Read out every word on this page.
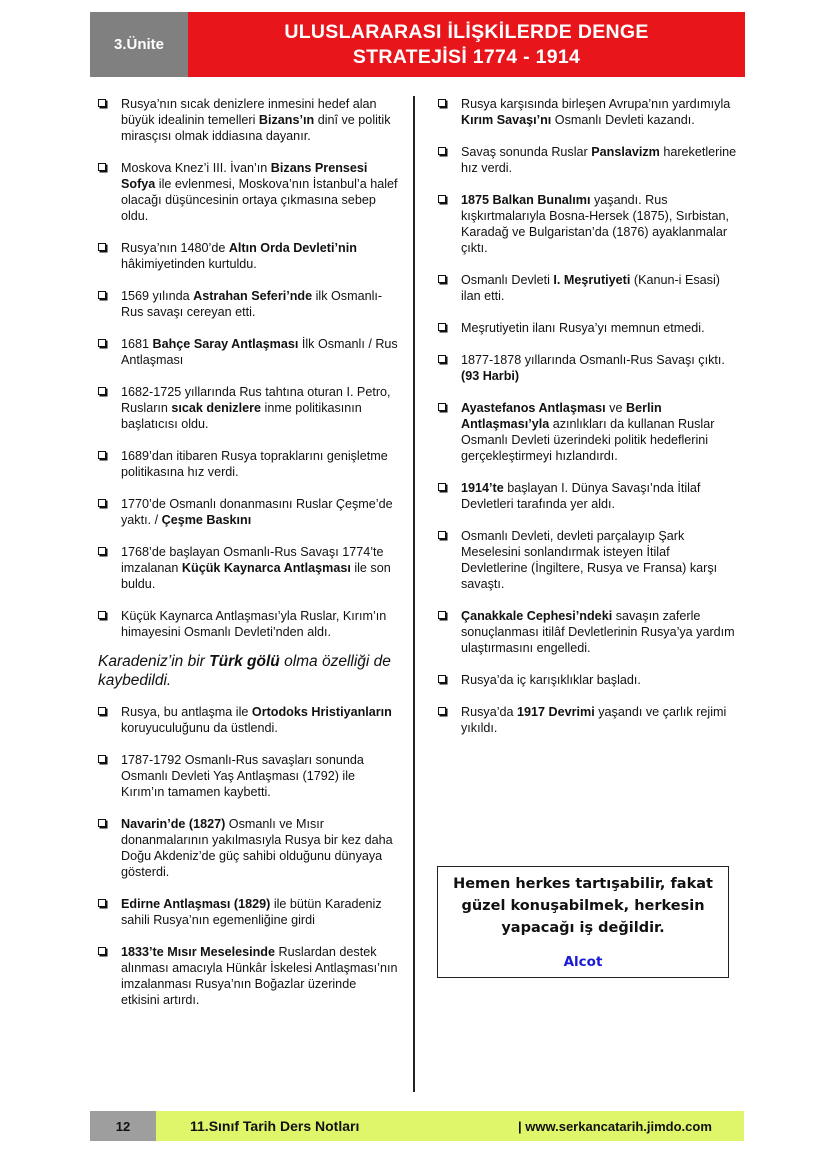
3.Ünite
ULUSLARARASI İLİŞKİLERDE DENGE
STRATEJİSİ 1774 - 1914
Rusya’nın sıcak denizlere inmesini hedef alan büyük idealinin temelleri Bizans’ın dinî ve politik mirasçısı olmak iddiasına dayanır.
Moskova Knez’i III. İvan’ın Bizans Prensesi Sofya ile evlenmesi, Moskova’nın İstanbul’a halef olacağı düşüncesinin ortaya çıkmasına sebep oldu.
Rusya’nın 1480’de Altın Orda Devleti’nin hâkimiyetinden kurtuldu.
1569 yılında Astrahan Seferi’nde ilk Osmanlı-Rus savaşı cereyan etti.
1681 Bahçe Saray Antlaşması İlk Osmanlı / Rus Antlaşması
1682-1725 yıllarında Rus tahtına oturan I. Petro, Rusların sıcak denizlere inme politikasının başlatıcısı oldu.
1689’dan itibaren Rusya topraklarını genişletme politikasına hız verdi.
1770’de Osmanlı donanmasını Ruslar Çeşme’de yaktı. / Çeşme Baskını
1768’de başlayan Osmanlı-Rus Savaşı 1774’te imzalanan Küçük Kaynarca Antlaşması ile son buldu.
Küçük Kaynarca Antlaşması’yla Ruslar, Kırım’ın himayesini Osmanlı Devleti’nden aldı.
Karadeniz’in bir Türk gölü olma özelliği de kaybedildi.
Rusya, bu antlaşma ile Ortodoks Hristiyanların koruyuculuğunu da üstlendi.
1787-1792 Osmanlı-Rus savaşları sonunda Osmanlı Devleti Yaş Antlaşması (1792) ile Kırım’ın tamamen kaybetti.
Navarin’de (1827) Osmanlı ve Mısır donanmalarının yakılmasıyla Rusya bir kez daha Doğu Akdeniz’de güç sahibi olduğunu dünyaya gösterdi.
Edirne Antlaşması (1829) ile bütün Karadeniz sahili Rusya’nın egemenliğine girdi
1833’te Mısır Meselesinde Ruslardan destek alınması amacıyla Hünkâr İskelesi Antlaşması’nın imzalanması Rusya’nın Boğazlar üzerinde etkisini artırdı.
Rusya karşısında birleşen Avrupa’nın yardımıyla Kırım Savaşı’nı Osmanlı Devleti kazandı.
Savaş sonunda Ruslar Panslavizm hareketlerine hız verdi.
1875 Balkan Bunalımı yaşandı. Rus kışkırtmalarıyla Bosna-Hersek (1875), Sırbistan, Karadağ ve Bulgaristan’da (1876) ayaklanmalar çıktı.
Osmanlı Devleti I. Meşrutiyeti (Kanun-i Esasi) ilan etti.
Meşrutiyetin ilanı Rusya’yı memnun etmedi.
1877-1878 yıllarında Osmanlı-Rus Savaşı çıktı. (93 Harbi)
Ayastefanos Antlaşması ve Berlin Antlaşması’yla azınlıkları da kullanan Ruslar Osmanlı Devleti üzerindeki politik hedeflerini gerçekleştirmeyi hızlandırdı.
1914’te başlayan I. Dünya Savaşı’nda İtilaf Devletleri tarafında yer aldı.
Osmanlı Devleti, devleti parçalayıp Şark Meselesini sonlandırmak isteyen İtilaf Devletlerine (İngiltere, Rusya ve Fransa) karşı savaştı.
Çanakkale Cephesi’ndeki savaşın zaferle sonuçlanması itilâf Devletlerinin Rusya’ya yardım ulaştırmasını engelledi.
Rusya’da iç karışıklıklar başladı.
Rusya’da 1917 Devrimi yaşandı ve çarlık rejimi yıkıldı.
Hemen herkes tartışabilir, fakat
güzel konuşabilmek, herkesin
yapacağı iş değildir.
Alcot
12	11.Sınıf Tarih Ders Notları	| www.serkancatarih.jimdo.com
